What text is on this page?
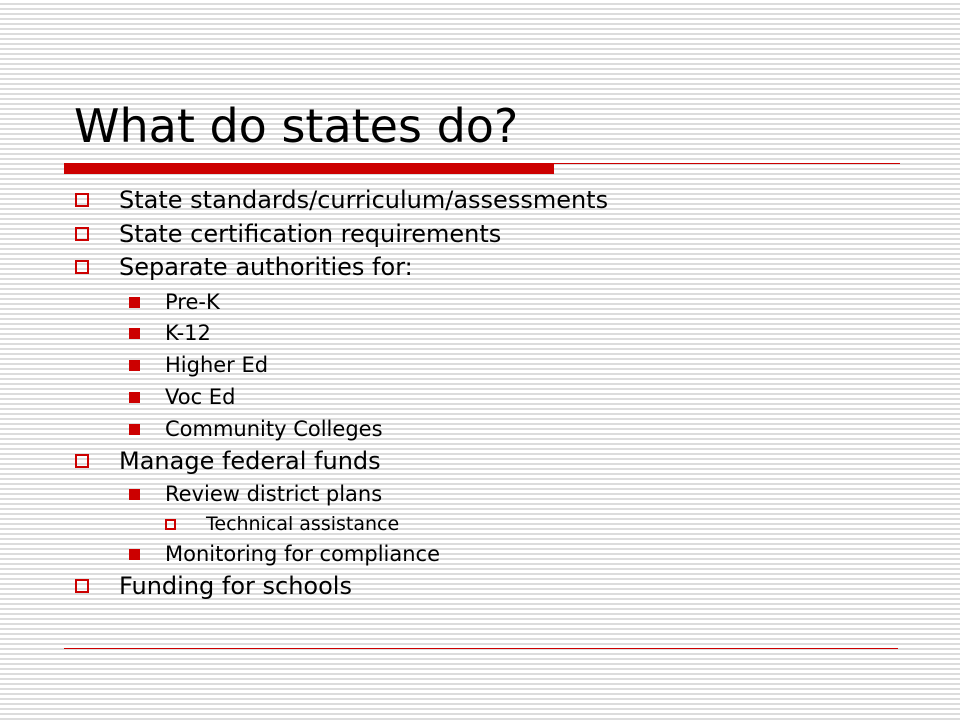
What do states do?
State standards/curriculum/assessments
State certification requirements
Separate authorities for:
Pre-K
K-12
Higher Ed
Voc Ed
Community Colleges
Manage federal funds
Review district plans
Technical assistance
Monitoring for compliance
Funding for schools
